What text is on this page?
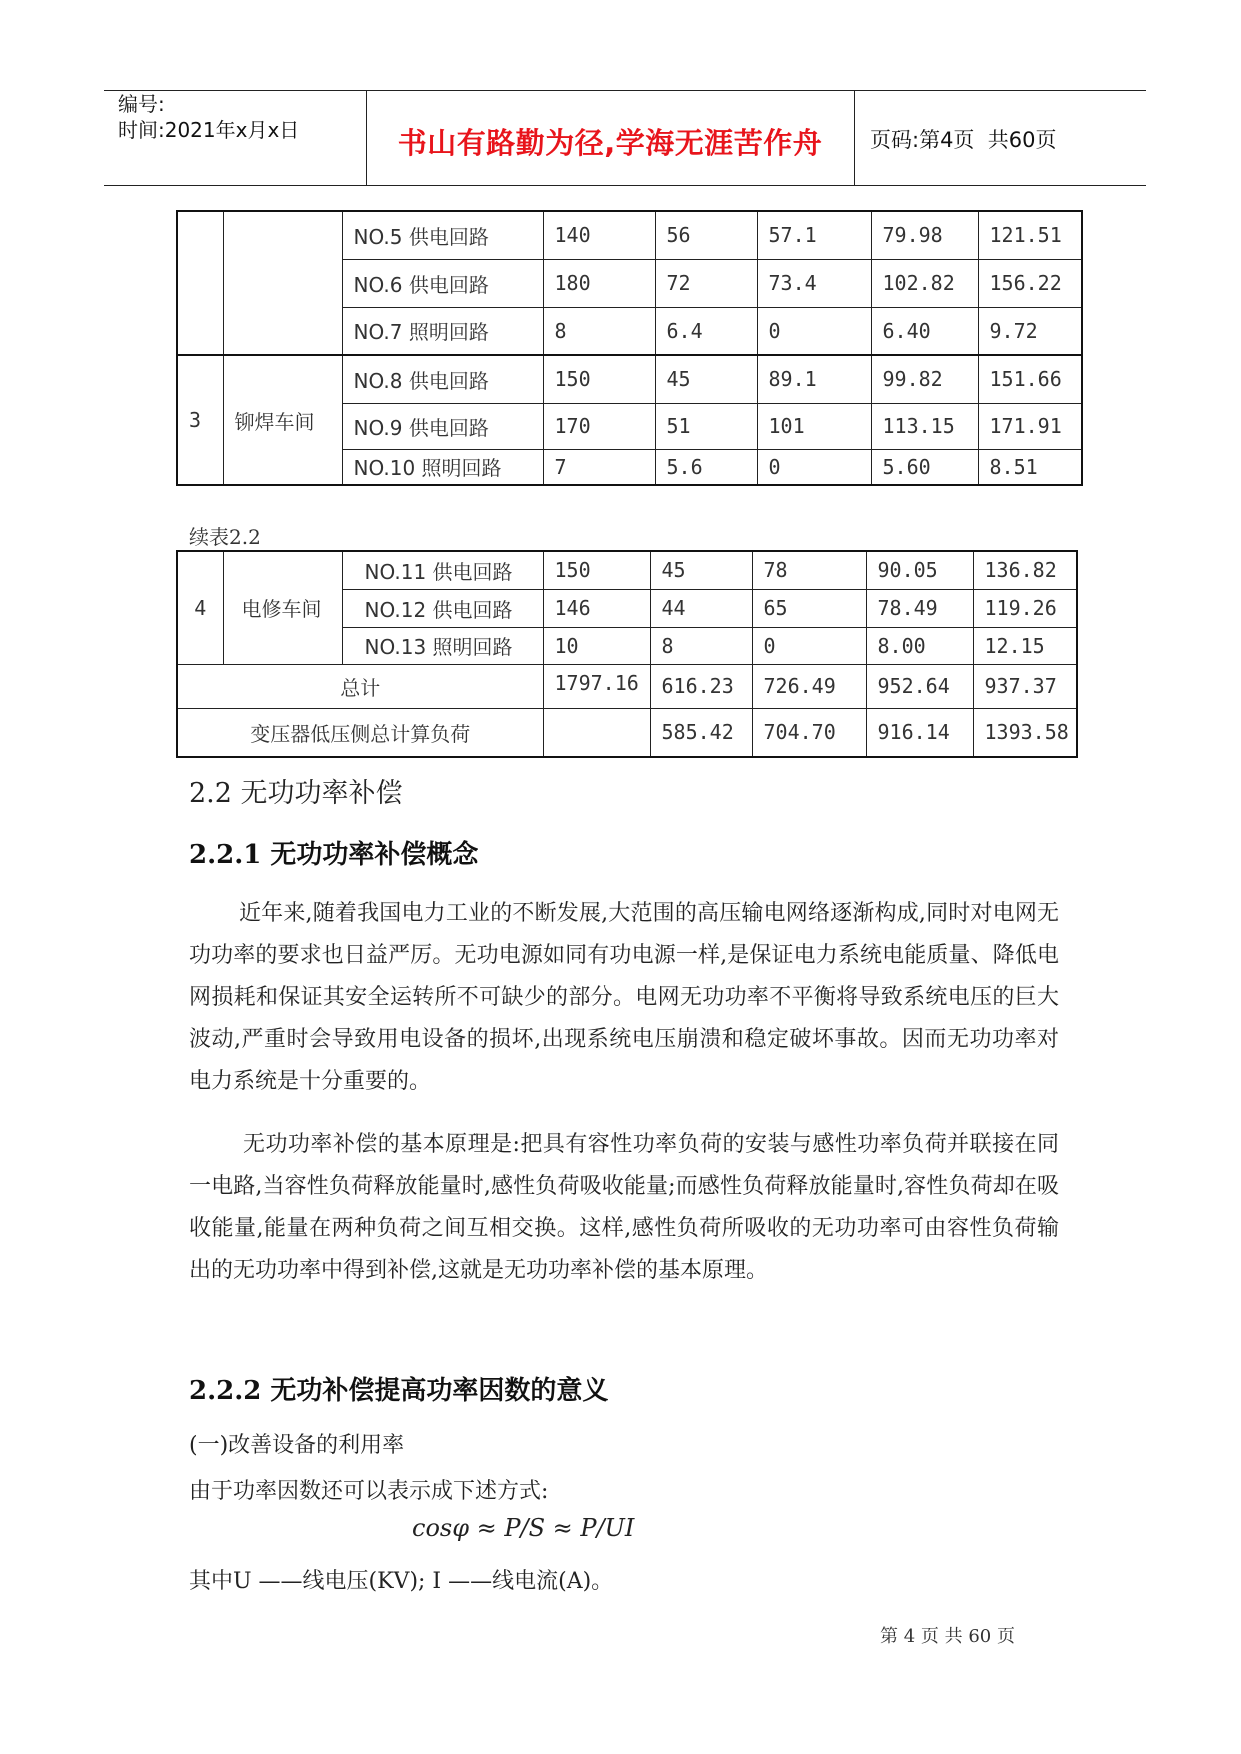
编号:
时间:2021年x月x日	书山有路勤为径,学海无涯苦作舟	页码:第4页  共60页
		NO.5 供电回路	140	56	57.1	79.98	121.51
		NO.6 供电回路	180	72	73.4	102.82	156.22
		NO.7 照明回路	8	6.4	0	6.40	9.72
3	铆焊车间	NO.8 供电回路	150	45	89.1	99.82	151.66
		NO.9 供电回路	170	51	101	113.15	171.91
		NO.10 照明回路	7	5.6	0	5.60	8.51
续表2.2
4	电修车间	NO.11 供电回路	150	45	78	90.05	136.82
		NO.12 供电回路	146	44	65	78.49	119.26
		NO.13 照明回路	10	8	0	8.00	12.15
总计			1797.16	616.23	726.49	952.64	937.37
变压器低压侧总计算负荷				585.42	704.70	916.14	1393.58
2.2 无功功率补偿
2.2.1 无功功率补偿概念

近年来,随着我国电力工业的不断发展,大范围的高压输电网络逐渐构成,同时对电网无功功率的要求也日益严厉。无功电源如同有功电源一样,是保证电力系统电能质量、降低电网损耗和保证其安全运转所不可缺少的部分。电网无功功率不平衡将导致系统电压的巨大波动,严重时会导致用电设备的损坏,出现系统电压崩溃和稳定破坏事故。因而无功功率对电力系统是十分重要的。

无功功率补偿的基本原理是:把具有容性功率负荷的安装与感性功率负荷并联接在同一电路,当容性负荷释放能量时,感性负荷吸收能量;而感性负荷释放能量时,容性负荷却在吸收能量,能量在两种负荷之间互相交换。这样,感性负荷所吸收的无功功率可由容性负荷输出的无功功率中得到补偿,这就是无功功率补偿的基本原理。

2.2.2 无功补偿提高功率因数的意义
(一)改善设备的利用率
由于功率因数还可以表示成下述方式:
cosφ ≈ P/S ≈ P/UI
其中U ——线电压(KV); I ——线电流(A)。
第 4 页 共 60 页
